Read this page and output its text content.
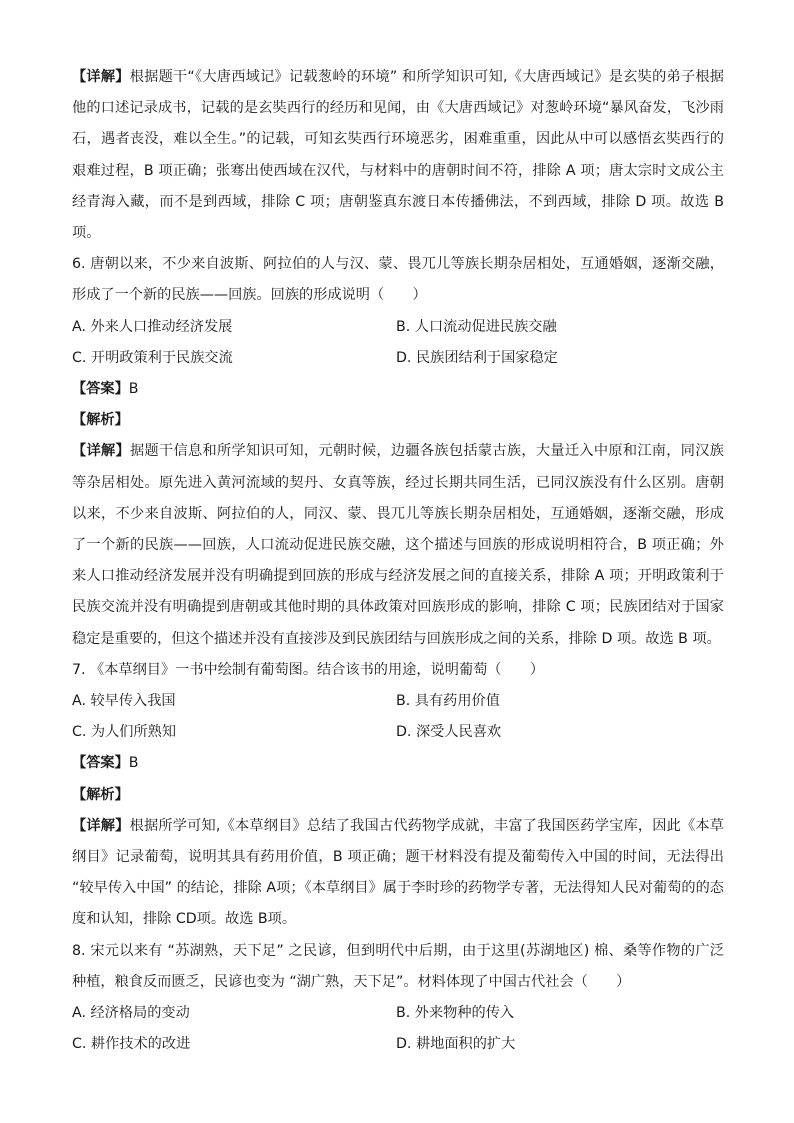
【详解】根据题干“《大唐西域记》记载葱岭的环境” 和所学知识可知,《大唐西域记》是玄奘的弟子根据他的口述记录成书，记载的是玄奘西行的经历和见闻，由《大唐西域记》对葱岭环境“暴风奋发，飞沙雨石，遇者丧没，难以全生。”的记载，可知玄奘西行环境恶劣，困难重重，因此从中可以感悟玄奘西行的艰难过程，B 项正确；张骞出使西域在汉代，与材料中的唐朝时间不符，排除 A 项；唐太宗时文成公主经青海入藏，而不是到西域，排除 C 项；唐朝鉴真东渡日本传播佛法，不到西域，排除 D 项。故选 B 项。

6. 唐朝以来，不少来自波斯、阿拉伯的人与汉、蒙、畏兀儿等族长期杂居相处，互通婚姻，逐渐交融，形成了一个新的民族——回族。回族的形成说明（　　）

A. 外来人口推动经济发展	B. 人口流动促进民族交融
C. 开明政策利于民族交流	D. 民族团结利于国家稳定

【答案】B

【解析】

【详解】据题干信息和所学知识可知，元朝时候，边疆各族包括蒙古族，大量迁入中原和江南，同汉族等杂居相处。原先进入黄河流域的契丹、女真等族，经过长期共同生活，已同汉族没有什么区别。唐朝以来，不少来自波斯、阿拉伯的人，同汉、蒙、畏兀儿等族长期杂居相处，互通婚姻，逐渐交融，形成了一个新的民族——回族，人口流动促进民族交融，这个描述与回族的形成说明相符合，B 项正确；外来人口推动经济发展并没有明确提到回族的形成与经济发展之间的直接关系，排除 A 项；开明政策利于民族交流并没有明确提到唐朝或其他时期的具体政策对回族形成的影响，排除 C 项；民族团结对于国家稳定是重要的，但这个描述并没有直接涉及到民族团结与回族形成之间的关系，排除 D 项。故选 B 项。

7. 《本草纲目》一书中绘制有葡萄图。结合该书的用途，说明葡萄（　　）

A. 较早传入我国	B. 具有药用价值
C. 为人们所熟知	D. 深受人民喜欢

【答案】B

【解析】

【详解】根据所学可知,《本草纲目》总结了我国古代药物学成就，丰富了我国医药学宝库，因此《本草纲目》记录葡萄，说明其具有药用价值，B 项正确；题干材料没有提及葡萄传入中国的时间，无法得出 “较早传入中国” 的结论，排除 A项；《本草纲目》属于李时珍的药物学专著，无法得知人民对葡萄的的态度和认知，排除 CD项。故选 B项。

8. 宋元以来有 “苏湖熟，天下足” 之民谚，但到明代中后期，由于这里(苏湖地区) 棉、桑等作物的广泛种植，粮食反而匮乏，民谚也变为 “湖广熟，天下足”。材料体现了中国古代社会（　　）

A. 经济格局的变动	B. 外来物种的传入
C. 耕作技术的改进	D. 耕地面积的扩大
